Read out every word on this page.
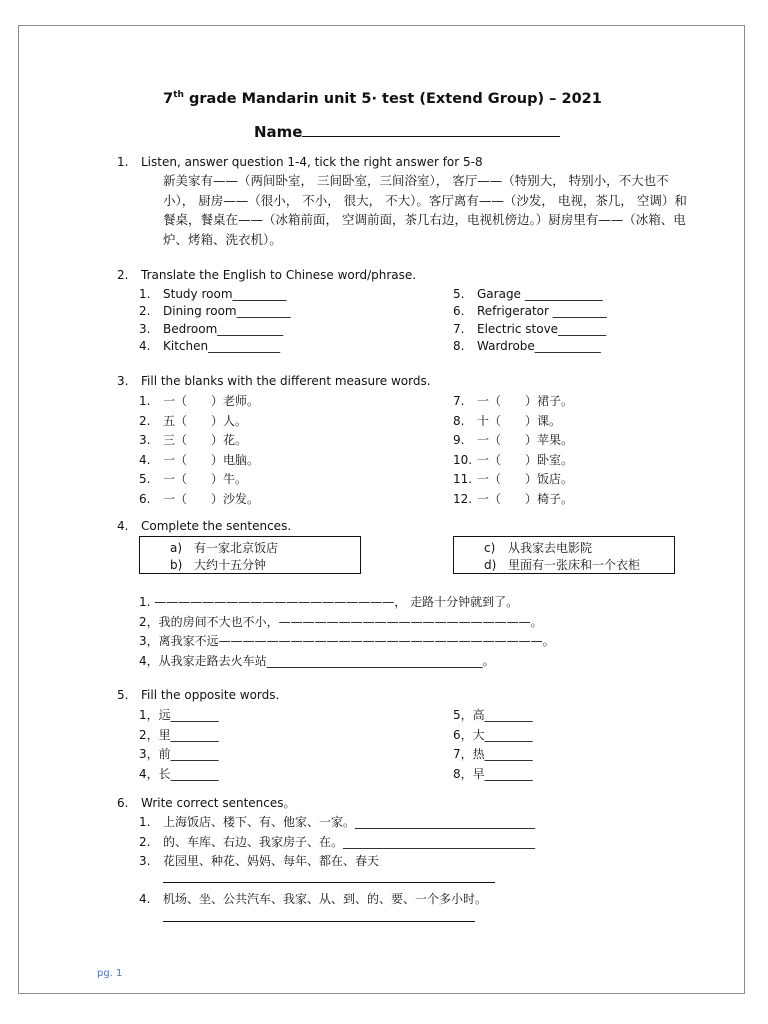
7th grade Mandarin unit 5· test (Extend Group) – 2021
Name
1. Listen, answer question 1-4, tick the right answer for 5-8
新美家有——（两间卧室， 三间卧室，三间浴室）， 客厅——（特别大， 特别小，不大也不小）， 厨房——（很小， 不小， 很大， 不大）。客厅离有——（沙发， 电视，茶几， 空调）和餐桌，餐桌在——（冰箱前面， 空调前面，茶几右边，电视机傍边。）厨房里有——（冰箱、电炉、烤箱、洗衣机）。
2. Translate the English to Chinese word/phrase.
1. Study room_________
2. Dining room_________
3. Bedroom___________
4. Kitchen____________
5. Garage _____________
6. Refrigerator _________
7. Electric stove________
8. Wardrobe___________
3. Fill the blanks with the different measure words.
1. 一（　　）老师。
2. 五（　　）人。
3. 三（　　）花。
4. 一（　　）电脑。
5. 一（　　）牛。
6. 一（　　）沙发。
7. 一（　　）裙子。
8. 十（　　）课。
9. 一（　　）苹果。
10. 一（　　）卧室。
11. 一（　　）饭店。
12. 一（　　）椅子。
4. Complete the sentences.
a) 有一家北京饭店
b) 大约十五分钟
c) 从我家去电影院
d) 里面有一张床和一个衣柜
1. ————————————————————， 走路十分钟就到了。
2，我的房间不大也不小，—————————————————————。
3，离我家不远———————————————————————————。
4，从我家走路去火车站____________________________________。
5. Fill the opposite words.
1，远________
2，里________
3，前________
4，长________
5，高________
6，大________
7，热________
8，早________
6. Write correct sentences。
1. 上海饭店、楼下、有、他家、一家。______________________________
2. 的、车库、右边、我家房子、在。________________________________
3. 花园里、种花、妈妈、每年、都在、春天
4. 机场、坐、公共汽车、我家、从、到、的、要、一个多小时。
pg. 1
